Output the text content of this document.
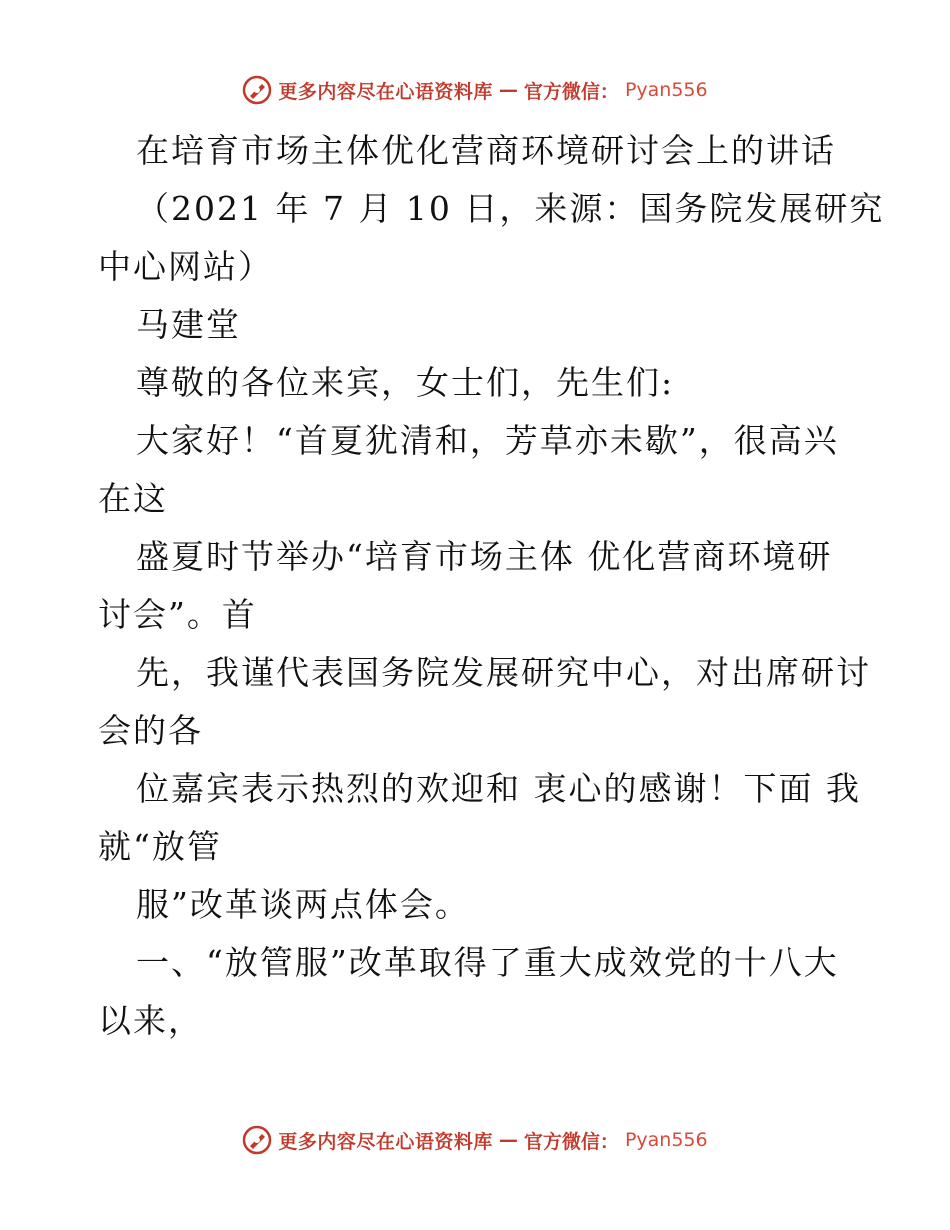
更多内容尽在心语资料库 — 官方微信： Pyan556
在培育市场主体优化营商环境研讨会上的讲话
（2021 年 7 月 10 日，来源：国务院发展研究
中心网站）
马建堂
尊敬的各位来宾，女士们，先生们:
大家好！“首夏犹清和，芳草亦未歇”，很高兴
在这
盛夏时节举办“培育市场主体 优化营商环境研
讨会”。首
先，我谨代表国务院发展研究中心，对出席研讨
会的各
位嘉宾表示热烈的欢迎和 衷心的感谢！下面 我
就“放管
服”改革谈两点体会。
一、“放管服”改革取得了重大成效党的十八大
以来，
更多内容尽在心语资料库 — 官方微信： Pyan556
